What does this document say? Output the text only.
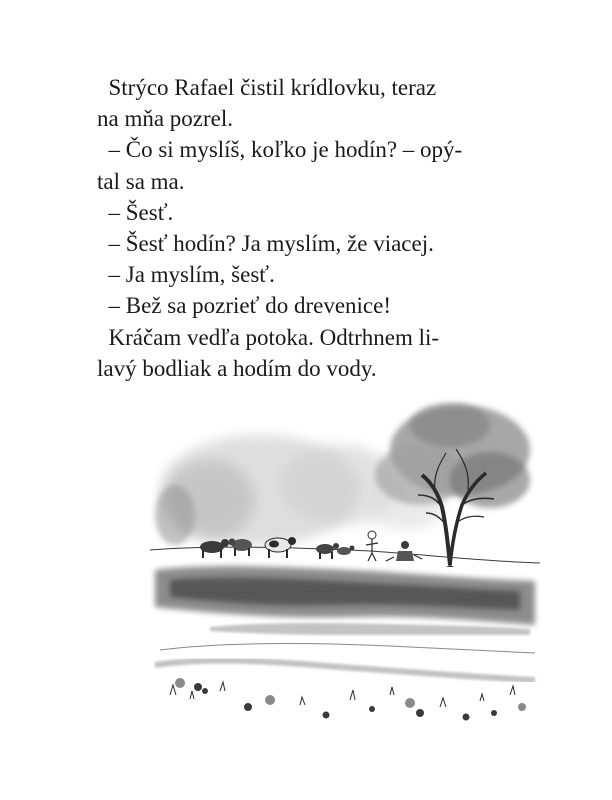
Strýco Rafael čistil krídlovku, teraz
na mňa pozrel.
– Čo si myslíš, koľko je hodín? – opý-
tal sa ma.
– Šesť.
– Šesť hodín? Ja myslím, že viacej.
– Ja myslím, šesť.
– Bež sa pozrieť do drevenice!
Kráčam vedľa potoka. Odtrhnem li-
lavý bodliak a hodím do vody.
